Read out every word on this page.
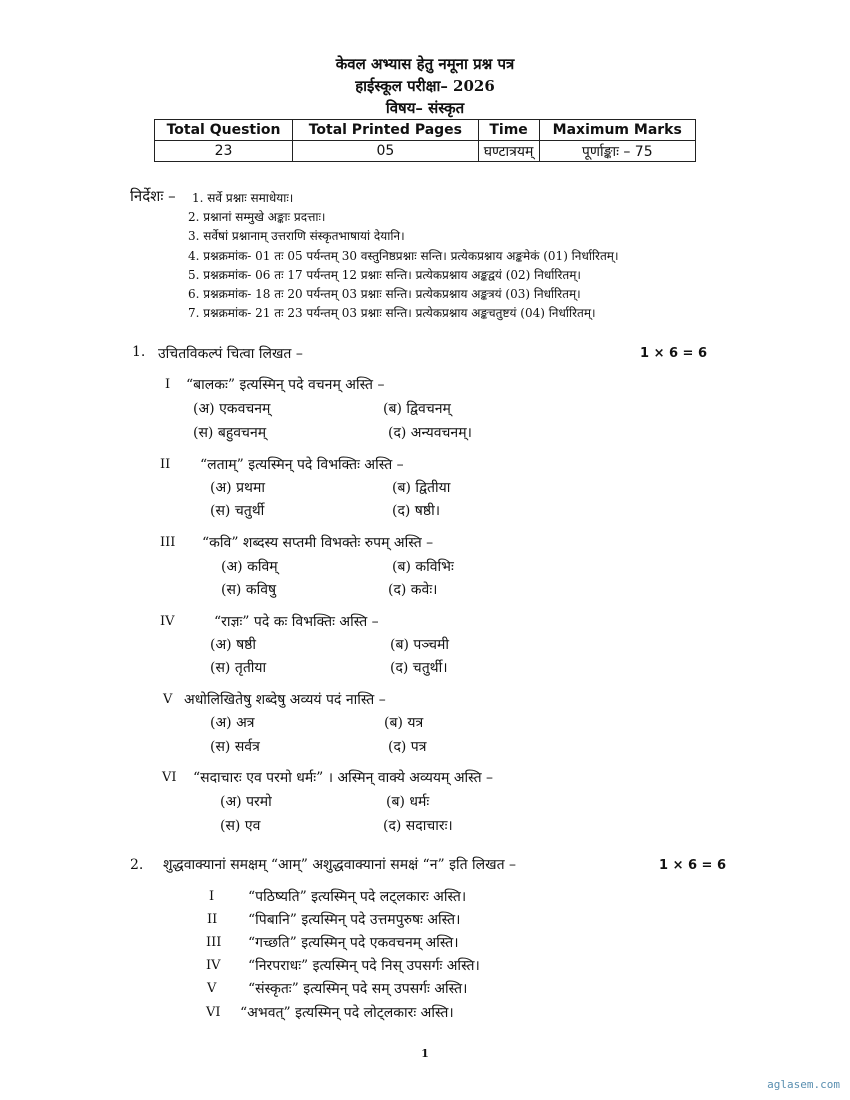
केवल अभ्यास हेतु नमूना प्रश्न पत्र
हाईस्कूल परीक्षा– 2026
विषय– संस्कृत
Total Question	Total Printed Pages	Time	Maximum Marks
23	05	घण्टात्रयम्	पूर्णाङ्काः – 75
निर्देशः – 1. सर्वे प्रश्नाः समाधेयाः।
2. प्रश्नानां सम्मुखे अङ्काः प्रदत्ताः।
3. सर्वेषां प्रश्नानाम् उत्तराणि संस्कृतभाषायां देयानि।
4. प्रश्नक्रमांक- 01 तः 05 पर्यन्तम् 30 वस्तुनिष्ठप्रश्नाः सन्ति। प्रत्येकप्रश्नाय अङ्कमेकं (01) निर्धारितम्।
5. प्रश्नक्रमांक- 06 तः 17 पर्यन्तम् 12 प्रश्नाः सन्ति। प्रत्येकप्रश्नाय अङ्कद्वयं (02) निर्धारितम्।
6. प्रश्नक्रमांक- 18 तः 20 पर्यन्तम् 03 प्रश्नाः सन्ति। प्रत्येकप्रश्नाय अङ्कत्रयं (03) निर्धारितम्।
7. प्रश्नक्रमांक- 21 तः 23 पर्यन्तम् 03 प्रश्नाः सन्ति। प्रत्येकप्रश्नाय अङ्कचतुष्टयं (04) निर्धारितम्।
1. उचितविकल्पं चित्वा लिखत –	1 × 6 = 6
I “बालकः” इत्यस्मिन् पदे वचनम् अस्ति –
(अ) एकवचनम्	(ब) द्विवचनम्
(स) बहुवचनम्	(द) अन्यवचनम्।
II “लताम्” इत्यस्मिन् पदे विभक्तिः अस्ति –
(अ) प्रथमा	(ब) द्वितीया
(स) चतुर्थी	(द) षष्ठी।
III “कवि” शब्दस्य सप्तमी विभक्तेः रुपम् अस्ति –
(अ) कविम्	(ब) कविभिः
(स) कविषु	(द) कवेः।
IV	“राज्ञः” पदे कः विभक्तिः अस्ति –
(अ) षष्ठी	(ब) पञ्चमी
(स) तृतीया	(द) चतुर्थी।
V अधोलिखितेषु शब्देषु अव्ययं पदं नास्ति –
(अ) अत्र	(ब) यत्र
(स) सर्वत्र	(द) पत्र
VI “सदाचारः एव परमो धर्मः” । अस्मिन् वाक्ये अव्ययम् अस्ति –
(अ) परमो	(ब) धर्मः
(स) एव	(द) सदाचारः।
2. शुद्धवाक्यानां समक्षम् “आम्” अशुद्धवाक्यानां समक्षं “न” इति लिखत –	1 × 6 = 6
I “पठिष्यति” इत्यस्मिन् पदे लट्लकारः अस्ति।
II “पिबानि” इत्यस्मिन् पदे उत्तमपुरुषः अस्ति।
III “गच्छति” इत्यस्मिन् पदे एकवचनम् अस्ति।
IV “निरपराधः” इत्यस्मिन् पदे निस् उपसर्गः अस्ति।
V “संस्कृतः” इत्यस्मिन् पदे सम् उपसर्गः अस्ति।
VI “अभवत्” इत्यस्मिन् पदे लोट्लकारः अस्ति।
1
aglasem.com
